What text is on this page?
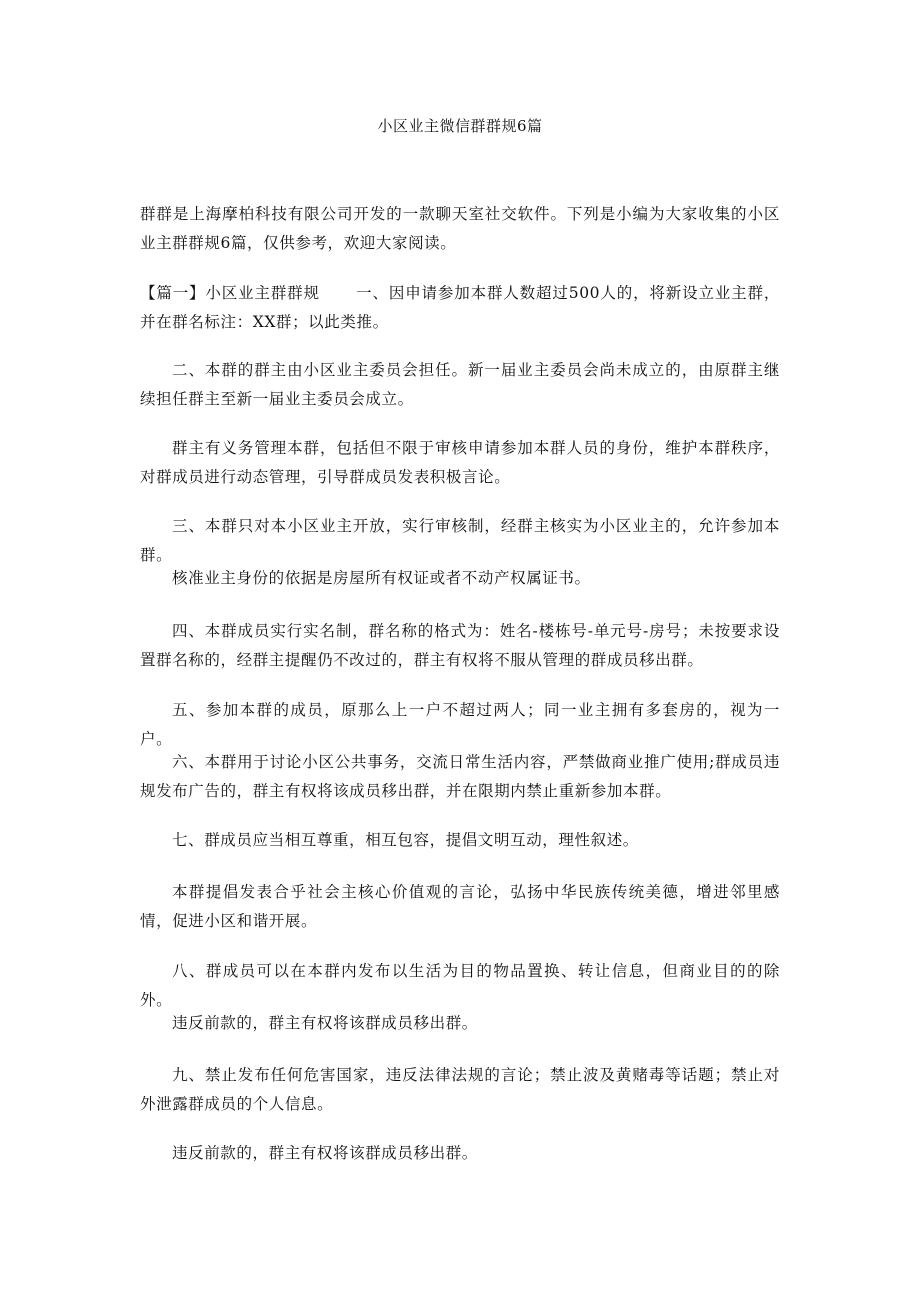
小区业主微信群群规6篇

群群是上海摩柏科技有限公司开发的一款聊天室社交软件。下列是小编为大家收集的小区业主群群规6篇，仅供参考，欢迎大家阅读。

【篇一】小区业主群群规 一、因申请参加本群人数超过500人的，将新设立业主群，并在群名标注：XX群；以此类推。

二、本群的群主由小区业主委员会担任。新一届业主委员会尚未成立的，由原群主继续担任群主至新一届业主委员会成立。

群主有义务管理本群，包括但不限于审核申请参加本群人员的身份，维护本群秩序，对群成员进行动态管理，引导群成员发表积极言论。

三、本群只对本小区业主开放，实行审核制，经群主核实为小区业主的，允许参加本群。

核准业主身份的依据是房屋所有权证或者不动产权属证书。

四、本群成员实行实名制，群名称的格式为：姓名-楼栋号-单元号-房号；未按要求设置群名称的，经群主提醒仍不改过的，群主有权将不服从管理的群成员移出群。

五、参加本群的成员，原那么上一户不超过两人；同一业主拥有多套房的，视为一户。

六、本群用于讨论小区公共事务，交流日常生活内容，严禁做商业推广使用;群成员违规发布广告的，群主有权将该成员移出群，并在限期内禁止重新参加本群。

七、群成员应当相互尊重，相互包容，提倡文明互动，理性叙述。

本群提倡发表合乎社会主核心价值观的言论，弘扬中华民族传统美德，增进邻里感情，促进小区和谐开展。

八、群成员可以在本群内发布以生活为目的物品置换、转让信息，但商业目的的除外。

违反前款的，群主有权将该群成员移出群。

九、禁止发布任何危害国家，违反法律法规的言论；禁止波及黄赌毒等话题；禁止对外泄露群成员的个人信息。

违反前款的，群主有权将该群成员移出群。
